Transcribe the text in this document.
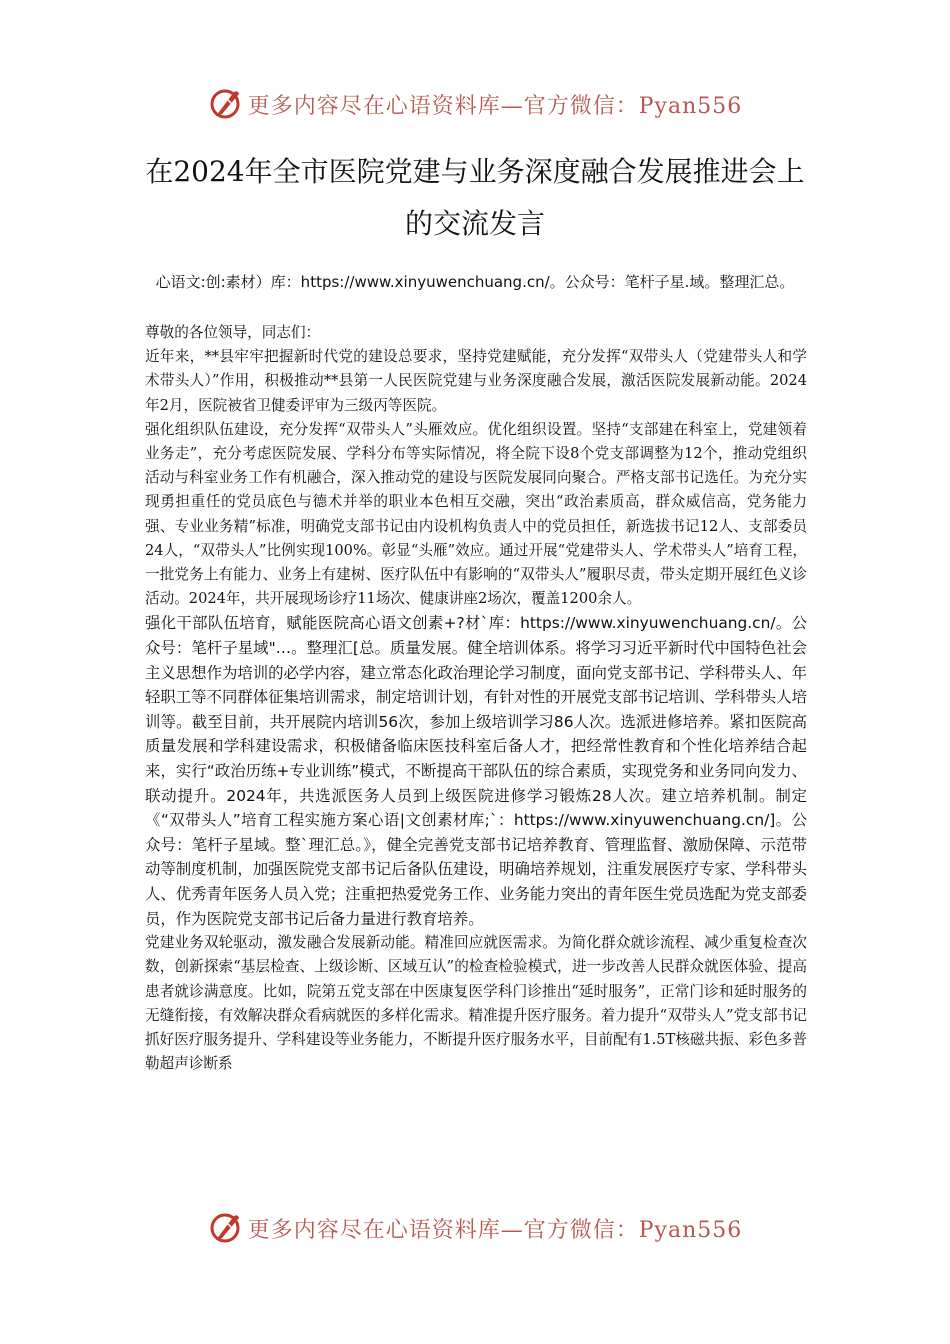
更多内容尽在心语资料库—官方微信：Pyan556
在2024年全市医院党建与业务深度融合发展推进会上的交流发言
心语文:创:素材）库：https://www.xinyuwenchuang.cn/。公众号：笔杆子星.域。整理汇总。

尊敬的各位领导，同志们：

近年来，**县牢牢把握新时代党的建设总要求，坚持党建赋能，充分发挥“双带头人（党建带头人和学术带头人）”作用，积极推动**县第一人民医院党建与业务深度融合发展，激活医院发展新动能。2024年2月，医院被省卫健委评审为三级丙等医院。

强化组织队伍建设，充分发挥“双带头人”头雁效应。优化组织设置。坚持“支部建在科室上，党建领着业务走”，充分考虑医院发展、学科分布等实际情况，将全院下设8个党支部调整为12个，推动党组织活动与科室业务工作有机融合，深入推动党的建设与医院发展同向聚合。严格支部书记选任。为充分实现勇担重任的党员底色与德术并举的职业本色相互交融，突出“政治素质高，群众威信高，党务能力强、专业业务精”标准，明确党支部书记由内设机构负责人中的党员担任，新选拔书记12人、支部委员24人，“双带头人”比例实现100%。彰显“头雁”效应。通过开展“党建带头人、学术带头人”培育工程，一批党务上有能力、业务上有建树、医疗队伍中有影响的“双带头人”履职尽责，带头定期开展红色义诊活动。2024年，共开展现场诊疗11场次、健康讲座2场次，覆盖1200余人。

强化干部队伍培育，赋能医院高心语文创素+?材`库：https://www.xinyuwenchuang.cn/。公众号：笔杆子星域"…。整理汇[总。质量发展。健全培训体系。将学习习近平新时代中国特色社会主义思想作为培训的必学内容，建立常态化政治理论学习制度，面向党支部书记、学科带头人、年轻职工等不同群体征集培训需求，制定培训计划，有针对性的开展党支部书记培训、学科带头人培训等。截至目前，共开展院内培训56次，参加上级培训学习86人次。选派进修培养。紧扣医院高质量发展和学科建设需求，积极储备临床医技科室后备人才，把经常性教育和个性化培养结合起来，实行“政治历练+专业训练”模式，不断提高干部队伍的综合素质，实现党务和业务同向发力、联动提升。2024年，共选派医务人员到上级医院进修学习锻炼28人次。建立培养机制。制定《“双带头人”培育工程实施方案心语|文创素材库;`：https://www.xinyuwenchuang.cn/]。公众号：笔杆子星域。整`理汇总。》，健全完善党支部书记培养教育、管理监督、激励保障、示范带动等制度机制，加强医院党支部书记后备队伍建设，明确培养规划，注重发展医疗专家、学科带头人、优秀青年医务人员入党；注重把热爱党务工作、业务能力突出的青年医生党员选配为党支部委员，作为医院党支部书记后备力量进行教育培养。

党建业务双轮驱动，激发融合发展新动能。精准回应就医需求。为简化群众就诊流程、减少重复检查次数，创新探索“基层检查、上级诊断、区域互认”的检查检验模式，进一步改善人民群众就医体验、提高患者就诊满意度。比如，院第五党支部在中医康复医学科门诊推出“延时服务”，正常门诊和延时服务的无缝衔接，有效解决群众看病就医的多样化需求。精准提升医疗服务。着力提升“双带头人”党支部书记抓好医疗服务提升、学科建设等业务能力，不断提升医疗服务水平，目前配有1.5T核磁共振、彩色多普勒超声诊断系

更多内容尽在心语资料库—官方微信：Pyan556
